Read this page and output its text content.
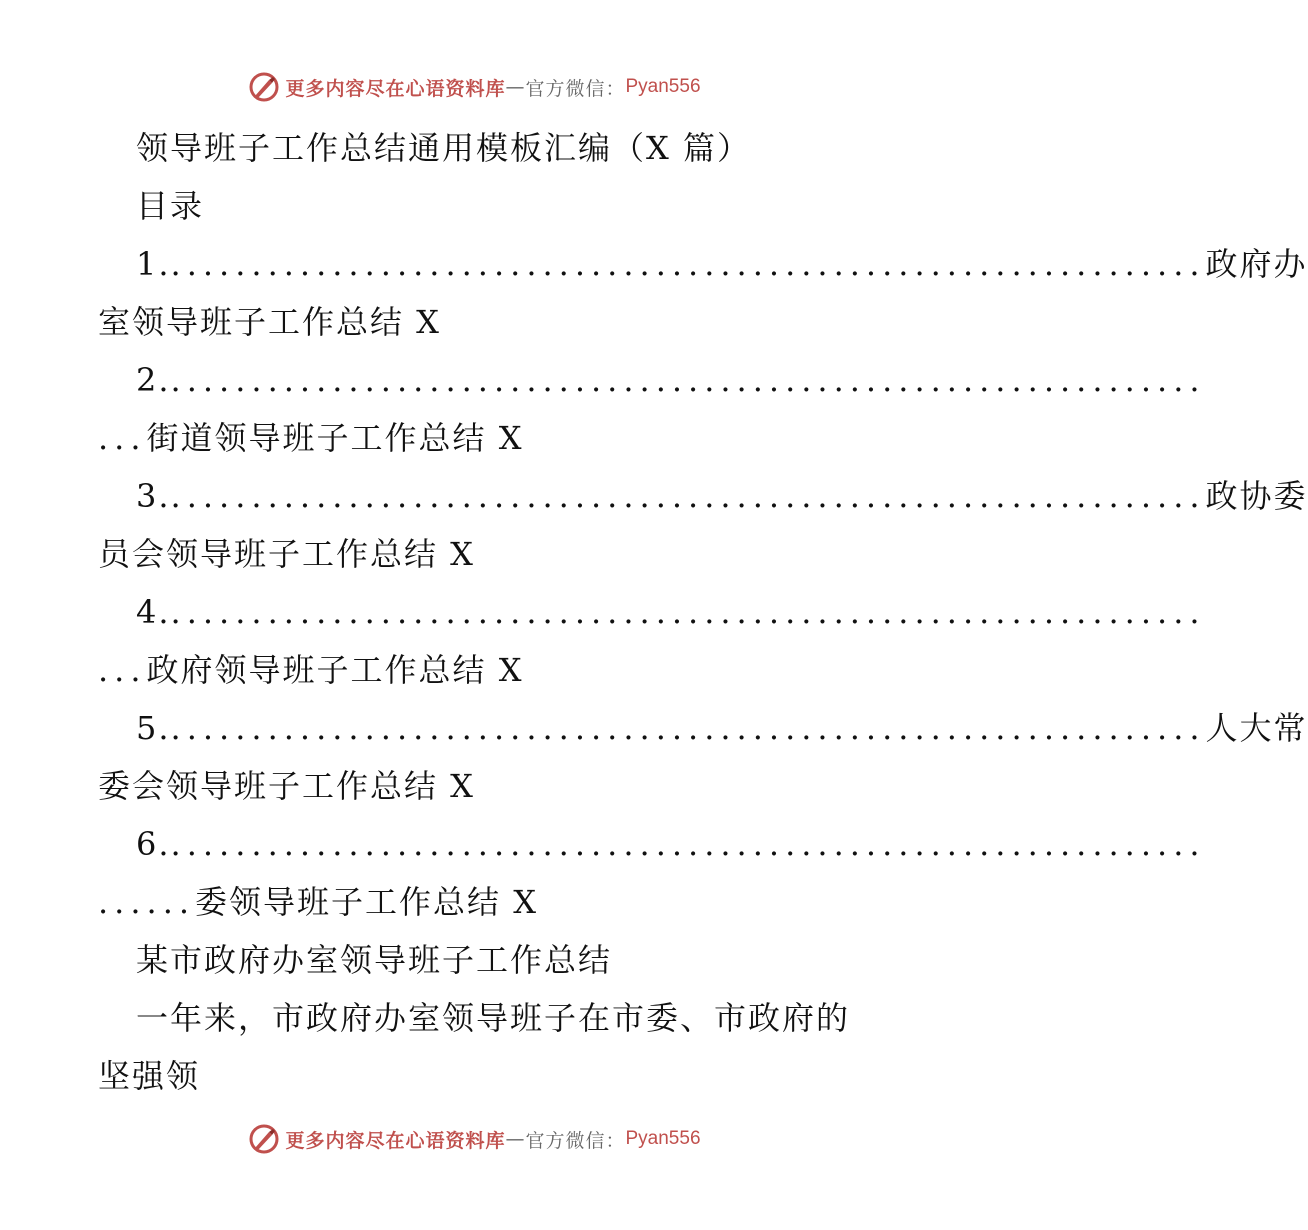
更多内容尽在心语资料库 — 官方微信： Pyan556
领导班子工作总结通用模板汇编（X 篇）
目录
1. ................................................................ 政府办
室领导班子工作总结 X
2. ................................................................
...街道领导班子工作总结 X
3. ................................................................ 政协委
员会领导班子工作总结 X
4. ................................................................
...政府领导班子工作总结 X
5. ................................................................ 人大常
委会领导班子工作总结 X
6. ................................................................
......委领导班子工作总结 X
某市政府办室领导班子工作总结
一年来，市政府办室领导班子在市委、市政府的
坚强领
更多内容尽在心语资料库 — 官方微信： Pyan556
